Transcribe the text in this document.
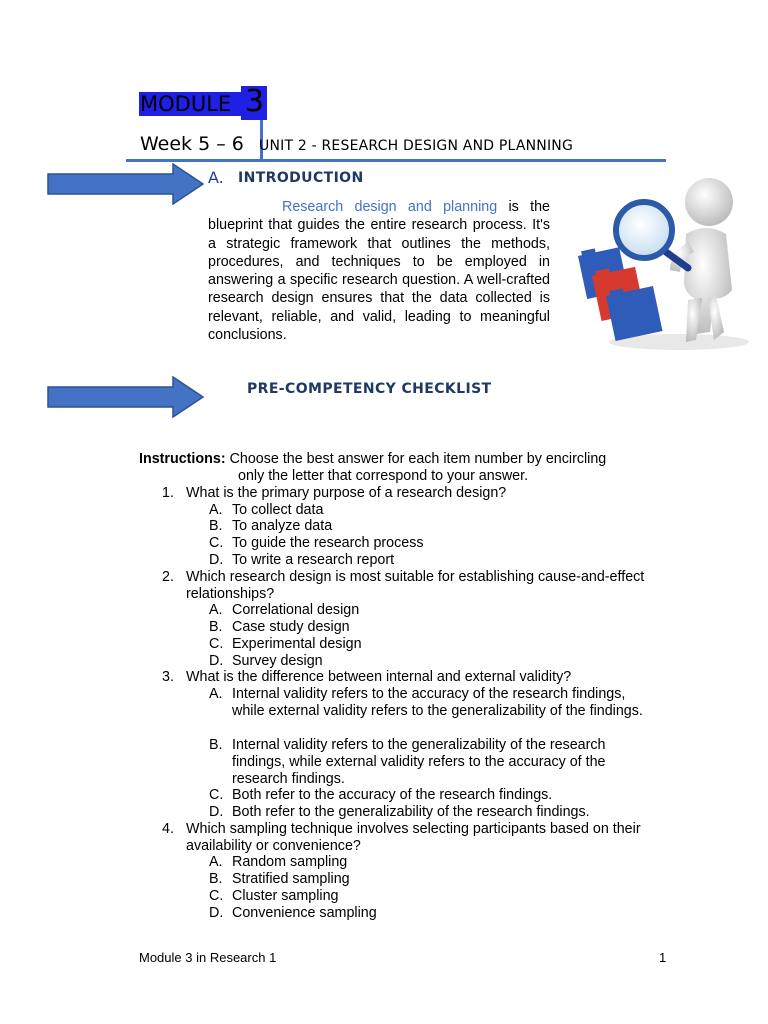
MODULE 3
Week 5 – 6 UNIT 2 - RESEARCH DESIGN AND PLANNING
A. INTRODUCTION
Research design and planning is the blueprint that guides the entire research process. It's a strategic framework that outlines the methods, procedures, and techniques to be employed in answering a specific research question. A well-crafted research design ensures that the data collected is relevant, reliable, and valid, leading to meaningful conclusions.
PRE-COMPETENCY CHECKLIST
Instructions: Choose the best answer for each item number by encircling
only the letter that correspond to your answer.
1. What is the primary purpose of a research design?
A. To collect data
B. To analyze data
C. To guide the research process
D. To write a research report
2. Which research design is most suitable for establishing cause-and-effect relationships?
A. Correlational design
B. Case study design
C. Experimental design
D. Survey design
3. What is the difference between internal and external validity?
A. Internal validity refers to the accuracy of the research findings, while external validity refers to the generalizability of the findings.
B. Internal validity refers to the generalizability of the research findings, while external validity refers to the accuracy of the research findings.
C. Both refer to the accuracy of the research findings.
D. Both refer to the generalizability of the research findings.
4. Which sampling technique involves selecting participants based on their availability or convenience?
A. Random sampling
B. Stratified sampling
C. Cluster sampling
D. Convenience sampling
Module 3 in Research 1	1
